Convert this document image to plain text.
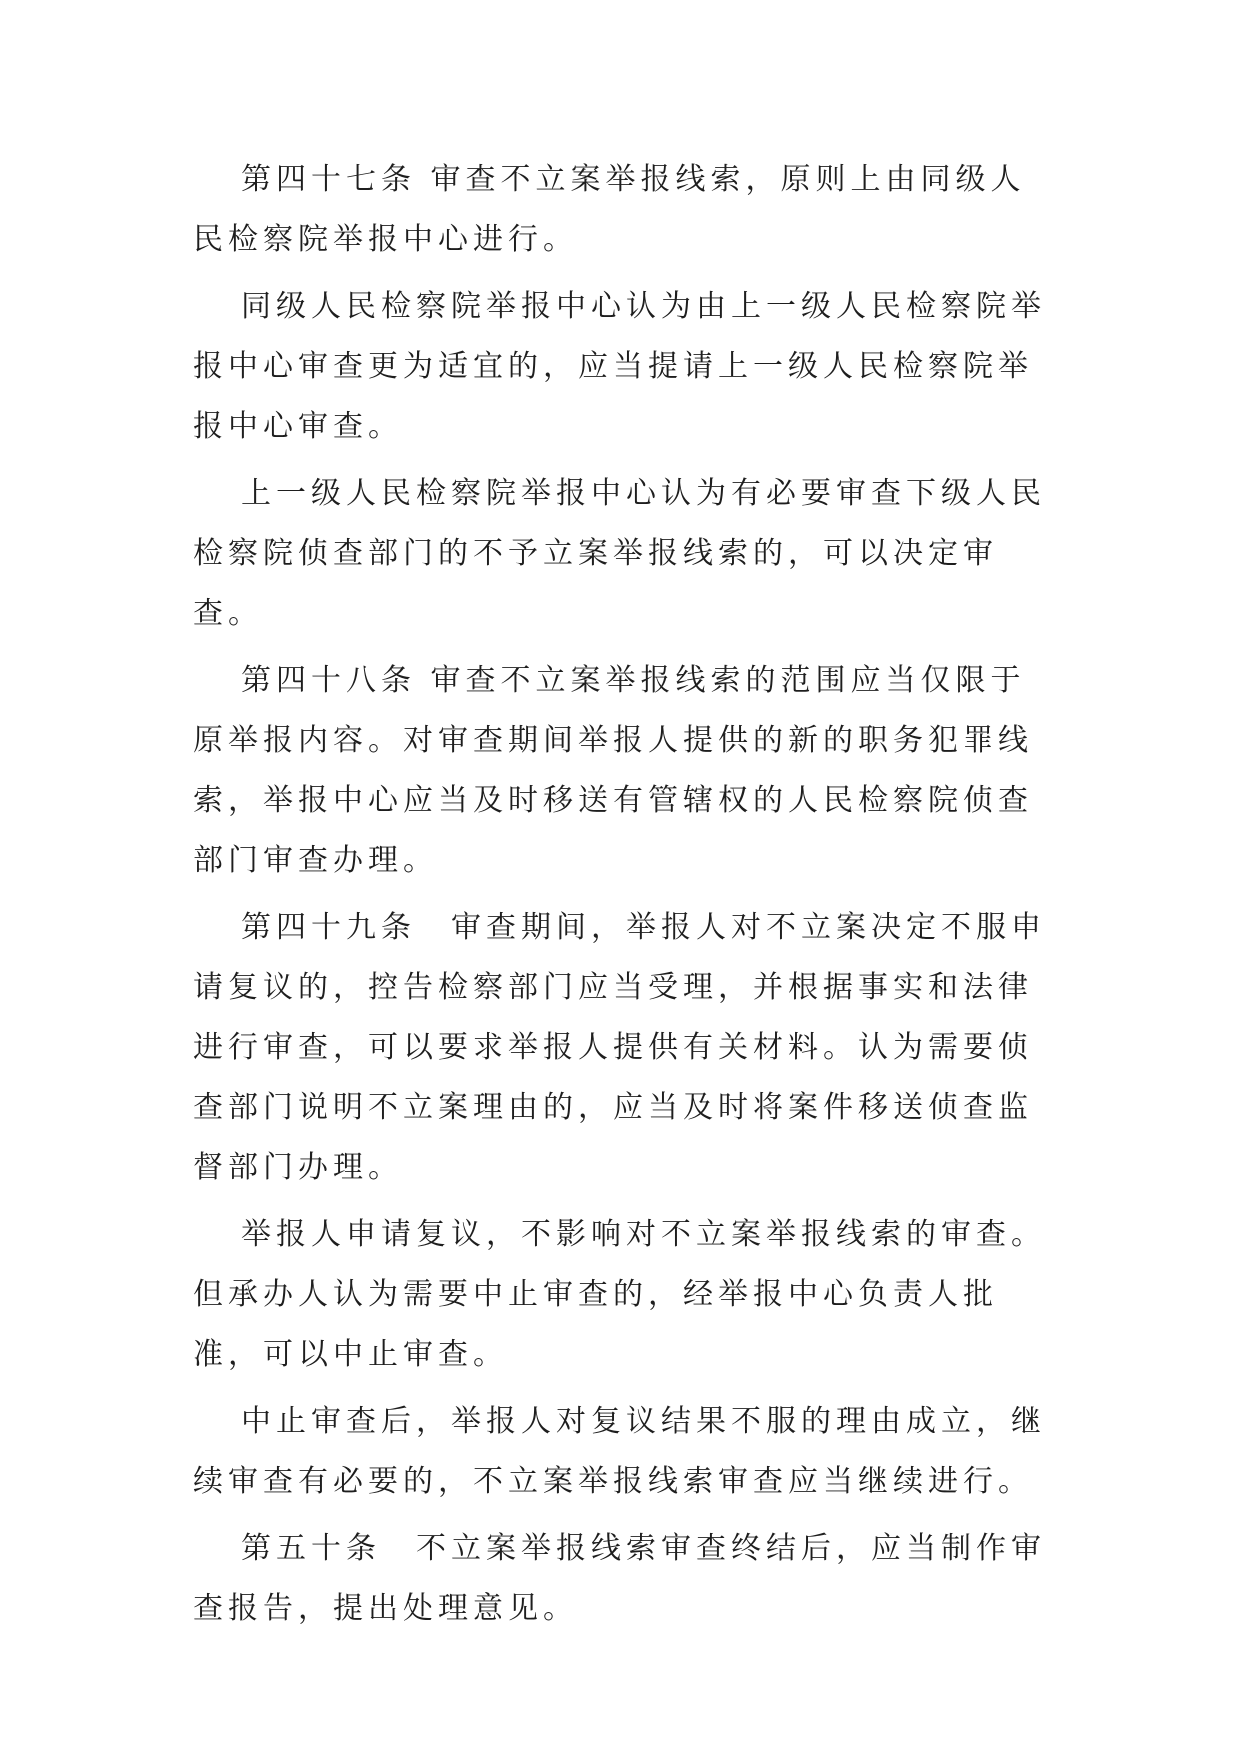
第四十七条 审查不立案举报线索，原则上由同级人民检察院举报中心进行。

同级人民检察院举报中心认为由上一级人民检察院举报中心审查更为适宜的，应当提请上一级人民检察院举报中心审查。

上一级人民检察院举报中心认为有必要审查下级人民检察院侦查部门的不予立案举报线索的，可以决定审查。

第四十八条 审查不立案举报线索的范围应当仅限于原举报内容。对审查期间举报人提供的新的职务犯罪线索，举报中心应当及时移送有管辖权的人民检察院侦查部门审查办理。

第四十九条　审查期间，举报人对不立案决定不服申请复议的，控告检察部门应当受理，并根据事实和法律进行审查，可以要求举报人提供有关材料。认为需要侦查部门说明不立案理由的，应当及时将案件移送侦查监督部门办理。

举报人申请复议，不影响对不立案举报线索的审查。但承办人认为需要中止审查的，经举报中心负责人批准，可以中止审查。

中止审查后，举报人对复议结果不服的理由成立，继续审查有必要的，不立案举报线索审查应当继续进行。

第五十条　不立案举报线索审查终结后，应当制作审查报告，提出处理意见。
